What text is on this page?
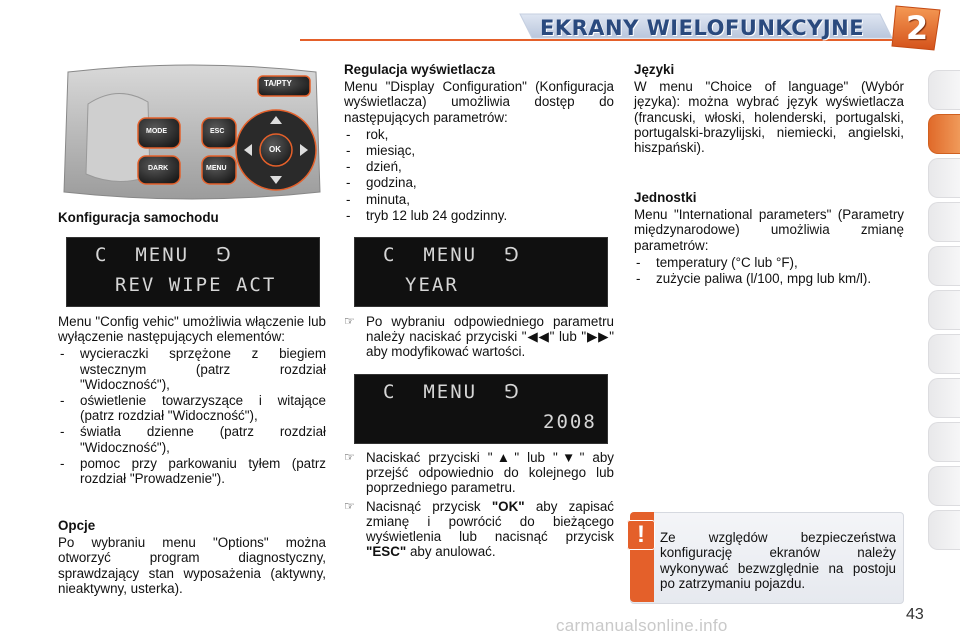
EKRANY WIELOFUNKCYJNE	2
TA/PTY
MODE
DARK
ESC
MENU
OK

Konfiguracja samochodu

C  MENU  ⅁
REV WIPE ACT

Menu "Config vehic" umożliwia włączenie lub wyłączenie następujących elementów:

- wycieraczki sprzężone z biegiem wstecznym (patrz rozdział "Widoczność"),
- oświetlenie towarzyszące i witające (patrz rozdział "Widoczność"),
- światła dzienne (patrz rozdział "Widoczność"),
- pomoc przy parkowaniu tyłem (patrz rozdział "Prowadzenie").

Opcje

Po wybraniu menu "Options" można otworzyć program diagnostyczny, sprawdzający stan wyposażenia (aktywny, nieaktywny, usterka).

Regulacja wyświetlacza

Menu "Display Configuration" (Konfiguracja wyświetlacza) umożliwia dostęp do następujących parametrów:

- rok,
- miesiąc,
- dzień,
- godzina,
- minuta,
- tryb 12 lub 24 godzinny.
C  MENU  ⅁
YEAR
☞ Po wybraniu odpowiedniego parametru należy naciskać przyciski "◀◀" lub "▶▶" aby modyfikować wartości.
C  MENU  ⅁
2008
☞ Naciskać przyciski "▲" lub "▼" aby przejść odpowiednio do kolejnego lub poprzedniego parametru.
☞ Nacisnąć przycisk "OK" aby zapisać zmianę i powrócić do bieżącego wyświetlenia lub nacisnąć przycisk "ESC" aby anulować.

Języki

W menu "Choice of language" (Wybór języka): można wybrać język wyświetlacza (francuski, włoski, holenderski, portugalski, portugalski-brazylijski, niemiecki, angielski, hiszpański).

Jednostki

Menu "International parameters" (Parametry międzynarodowe) umożliwia zmianę parametrów:

- temperatury (°C lub °F),
- zużycie paliwa (l/100, mpg lub km/l).
!	Ze względów bezpieczeństwa konfigurację ekranów należy wykonywać bezwzględnie na postoju po zatrzymaniu pojazdu.
carmanualsonline.info
43
